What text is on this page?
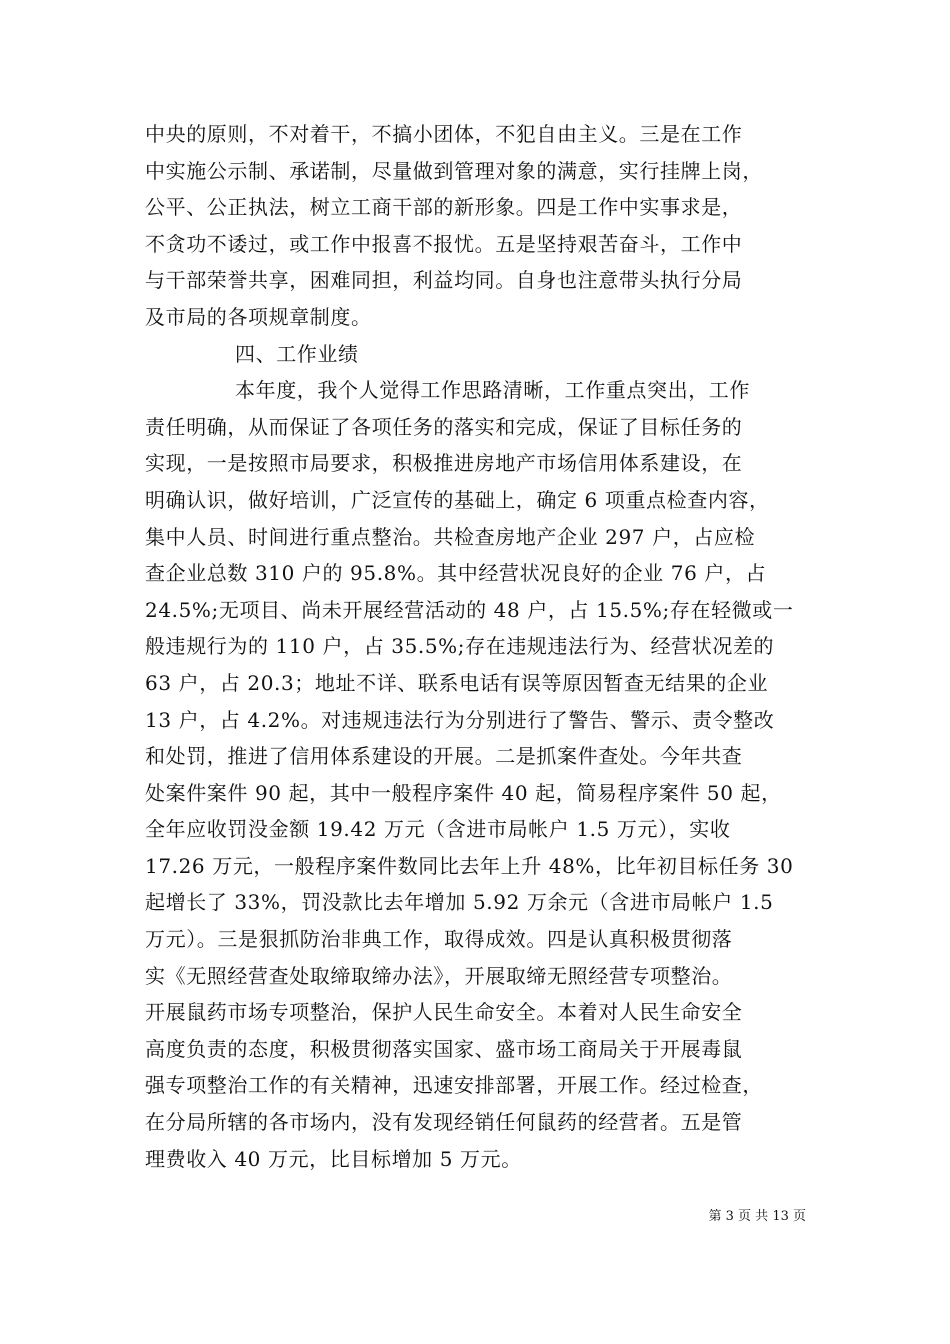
中央的原则，不对着干，不搞小团体，不犯自由主义。三是在工作
中实施公示制、承诺制，尽量做到管理对象的满意，实行挂牌上岗，
公平、公正执法，树立工商干部的新形象。四是工作中实事求是，
不贪功不诿过，或工作中报喜不报忧。五是坚持艰苦奋斗，工作中
与干部荣誉共享，困难同担，利益均同。自身也注意带头执行分局
及市局的各项规章制度。
四、工作业绩
本年度，我个人觉得工作思路清晰，工作重点突出，工作
责任明确，从而保证了各项任务的落实和完成，保证了目标任务的
实现，一是按照市局要求，积极推进房地产市场信用体系建设，在
明确认识，做好培训，广泛宣传的基础上，确定 6 项重点检查内容，
集中人员、时间进行重点整治。共检查房地产企业 297 户，占应检
查企业总数 310 户的 95.8%。其中经营状况良好的企业 76 户，占
24.5%;无项目、尚未开展经营活动的 48 户，占 15.5%;存在轻微或一
般违规行为的 110 户，占 35.5%;存在违规违法行为、经营状况差的
63 户，占 20.3；地址不详、联系电话有误等原因暂查无结果的企业
13 户，占 4.2%。对违规违法行为分别进行了警告、警示、责令整改
和处罚，推进了信用体系建设的开展。二是抓案件查处。今年共查
处案件案件 90 起，其中一般程序案件 40 起，简易程序案件 50 起，
全年应收罚没金额 19.42 万元（含进市局帐户 1.5 万元），实收
17.26 万元，一般程序案件数同比去年上升 48%，比年初目标任务 30
起增长了 33%，罚没款比去年增加 5.92 万余元（含进市局帐户 1.5
万元）。三是狠抓防治非典工作，取得成效。四是认真积极贯彻落
实《无照经营查处取缔取缔办法》，开展取缔无照经营专项整治。
开展鼠药市场专项整治，保护人民生命安全。本着对人民生命安全
高度负责的态度，积极贯彻落实国家、盛市场工商局关于开展毒鼠
强专项整治工作的有关精神，迅速安排部署，开展工作。经过检查，
在分局所辖的各市场内，没有发现经销任何鼠药的经营者。五是管
理费收入 40 万元，比目标增加 5 万元。
第 3 页 共 13 页
